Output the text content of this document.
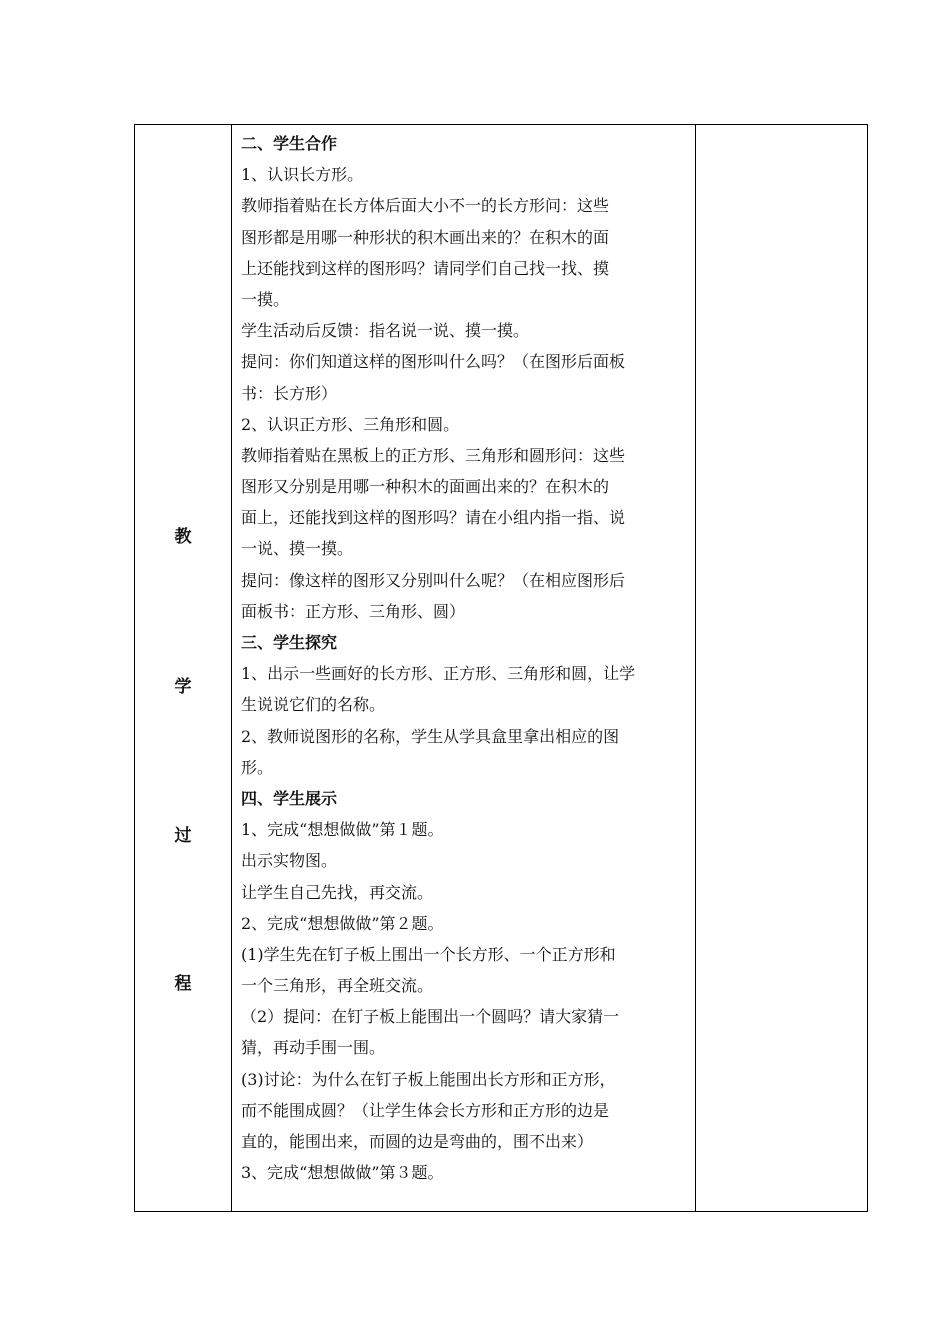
教
学
过
程
二、学生合作
1、认识长方形。
教师指着贴在长方体后面大小不一的长方形问：这些
图形都是用哪一种形状的积木画出来的？在积木的面
上还能找到这样的图形吗？请同学们自己找一找、摸
一摸。
学生活动后反馈：指名说一说、摸一摸。
提问：你们知道这样的图形叫什么吗？（在图形后面板
书：长方形）
2、认识正方形、三角形和圆。
教师指着贴在黑板上的正方形、三角形和圆形问：这些
图形又分别是用哪一种积木的面画出来的？在积木的
面上，还能找到这样的图形吗？请在小组内指一指、说
一说、摸一摸。
提问：像这样的图形又分别叫什么呢？（在相应图形后
面板书：正方形、三角形、圆）
三、学生探究
1、出示一些画好的长方形、正方形、三角形和圆，让学
生说说它们的名称。
2、教师说图形的名称，学生从学具盒里拿出相应的图
形。
四、学生展示
1、完成“想想做做”第１题。
出示实物图。
让学生自己先找，再交流。
2、完成“想想做做”第２题。
(1)学生先在钉子板上围出一个长方形、一个正方形和
一个三角形，再全班交流。
（2）提问：在钉子板上能围出一个圆吗？请大家猜一
猜，再动手围一围。
(3)讨论：为什么在钉子板上能围出长方形和正方形，
而不能围成圆？（让学生体会长方形和正方形的边是
直的，能围出来，而圆的边是弯曲的，围不出来）
3、完成“想想做做”第３题。
